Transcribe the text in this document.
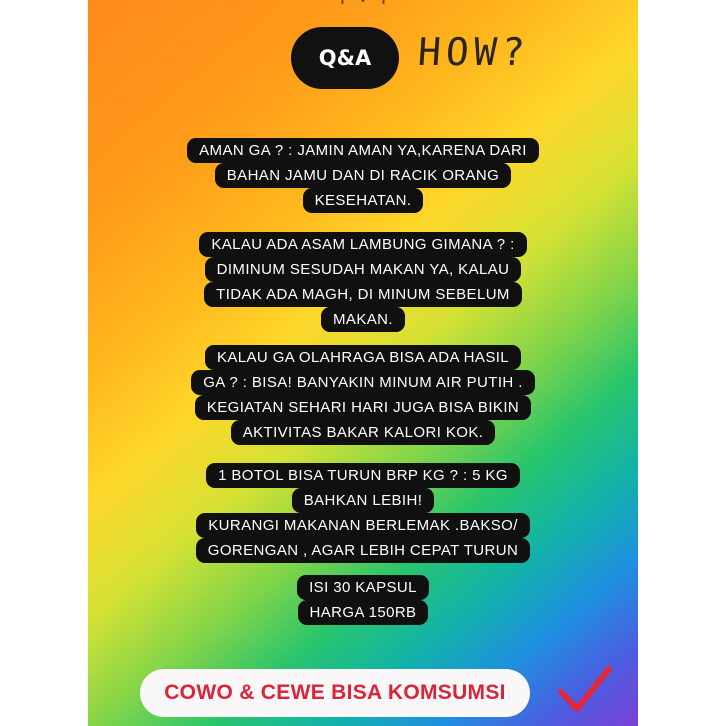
Q&A	HOW?
AMAN GA ? : JAMIN AMAN YA,KARENA DARI
BAHAN JAMU DAN DI RACIK ORANG
KESEHATAN.
KALAU ADA ASAM LAMBUNG GIMANA ? :
DIMINUM SESUDAH MAKAN YA, KALAU
TIDAK ADA MAGH, DI MINUM SEBELUM
MAKAN.
KALAU GA OLAHRAGA BISA ADA HASIL
GA ? : BISA! BANYAKIN MINUM AIR PUTIH .
KEGIATAN SEHARI HARI JUGA BISA BIKIN
AKTIVITAS BAKAR KALORI KOK.
1 BOTOL BISA TURUN BRP KG ? : 5 KG
BAHKAN LEBIH!
KURANGI MAKANAN BERLEMAK .BAKSO/
GORENGAN , AGAR LEBIH CEPAT TURUN
ISI 30 KAPSUL
HARGA 150RB
COWO & CEWE BISA KOMSUMSI
